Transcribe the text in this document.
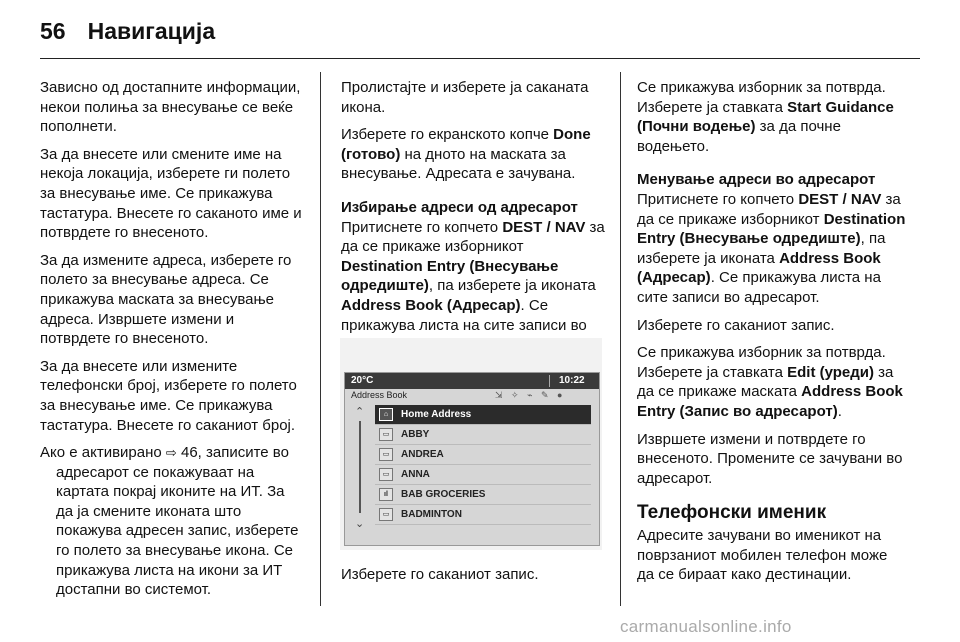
56 Навигација

Зависно од достапните информации, некои полиња за внесување се веќе пополнети.

За да внесете или смените име на некоја локација, изберете ги полето за внесување име. Се прикажува тастатура. Внесете го саканото име и потврдете го внесеното.

За да измените адреса, изберете го полето за внесување адреса. Се прикажува маската за внесување адреса. Извршете измени и потврдете го внесеното.

За да внесете или измените телефонски број, изберете го полето за внесување име. Се прикажува тастатура. Внесете го саканиот број.

Ако е активирано ⇨ 46, записите во адресарот се покажуваат на картата покрај иконите на ИТ. За да ја смените иконата што покажува адресен запис, изберете го полето за внесување икона. Се прикажува листа на икони за ИТ достапни во системот.

Пролистајте и изберете ја саканата икона.

Изберете го екранското копче Done (готово) на дното на маската за внесување. Адресата е зачувана.

Избирање адреси од адресарот

Притиснете го копчето DEST / NAV за да се прикаже изборникот Destination Entry (Внесување одредиште), па изберете ја иконата Address Book (Адресар). Се прикажува листа на сите записи во

20°C	10:22
Address Book	⇲ ✧ ⌁ ✎ ●
⌃
⌄
⌂	Home Address
▭	ABBY
▭	ANDREA
▭	ANNA
ıl	BAB GROCERIES
▭	BADMINTON

Изберете го саканиот запис.

Се прикажува изборник за потврда. Изберете ја ставката Start Guidance (Почни водење) за да почне водењето.

Менување адреси во адресарот

Притиснете го копчето DEST / NAV за да се прикаже изборникот Destination Entry (Внесување одредиште), па изберете ја иконата Address Book (Адресар). Се прикажува листа на сите записи во адресарот.

Изберете го саканиот запис.

Се прикажува изборник за потврда. Изберете ја ставката Edit (уреди) за да се прикаже маската Address Book Entry (Запис во адресарот).

Извршете измени и потврдете го внесеното. Промените се зачувани во адресарот.

Телефонски именик

Адресите зачувани во именикот на поврзаниот мобилен телефон може да се бираат како дестинации.

carmanualsonline.info
